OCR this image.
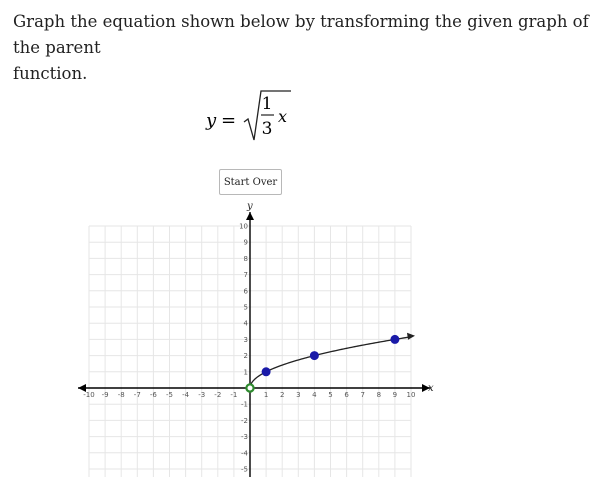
Graph the equation shown below by transforming the given graph of the parent
function.
y =
1
3
x
Start Over
x
y
-10 -9 -8 -7 -6 -5 -4 -3 -2 -1	1 2 3 4 5 6 7 8 9 10
10
9
8
7
6
5
4
3
2
1
-1
-2
-3
-4
-5
